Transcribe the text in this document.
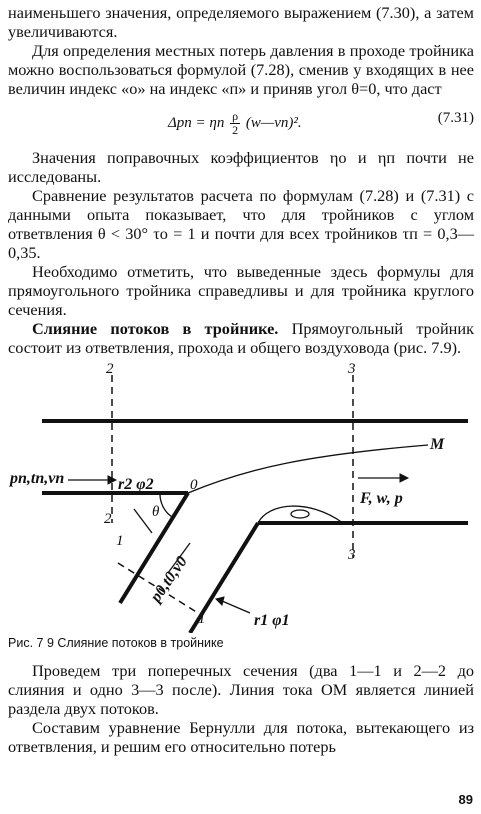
наименьшего значения, определяемого выражением (7.30), а затем увеличиваются.

Для определения местных потерь давления в проходе тройника можно воспользоваться формулой (7.28), сменив у входящих в нее величин индекс «о» на индекс «п» и приняв угол θ=0, что даст

Δpп = ηп $\frac{\rho}{2}$ (w—vп)².	(7.31)

Значения поправочных коэффициентов ηо и ηп почти не исследованы.

Сравнение результатов расчета по формулам (7.28) и (7.31) с данными опыта показывает, что для тройников с углом ответвления θ < 30° τо = 1 и почти для всех тройников τп = 0,3—0,35.

Необходимо отметить, что выведенные здесь формулы для прямоугольного тройника справедливы и для тройника круглого сечения.

Слияние потоков в тройнике. Прямоугольный тройник состоит из ответвления, прохода и общего воздуховода (рис. 7.9).

2	3
2
3
1
1
0
M
θ
pп,tп,vп	r2 φ2
F, w, p
p0,t0,v0
r1 φ1
Рис. 7 9 Слияние потоков в тройнике

Проведем три поперечных сечения (два 1—1 и 2—2 до слияния и одно 3—3 после). Линия тока ОМ является линией раздела двух потоков.

Составим уравнение Бернулли для потока, вытекающего из ответвления, и решим его относительно потерь

89
